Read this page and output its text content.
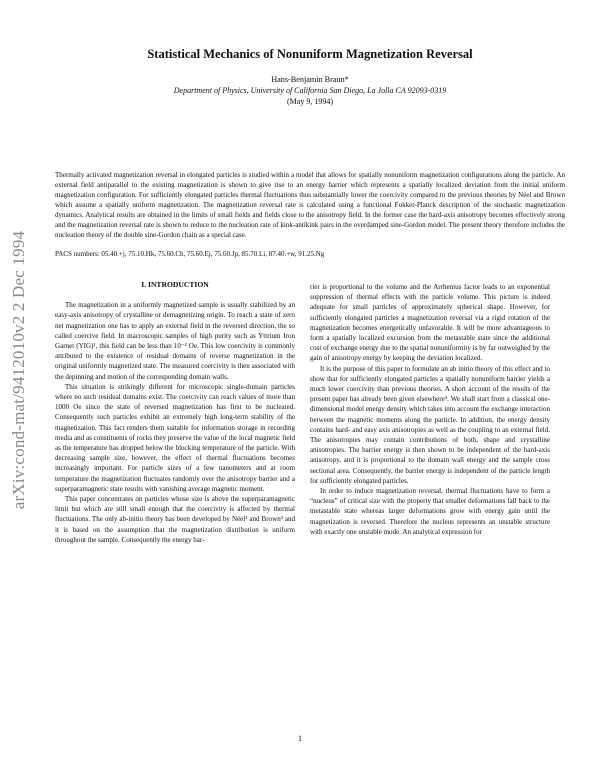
arXiv:cond-mat/9412010v2 2 Dec 1994
Statistical Mechanics of Nonuniform Magnetization Reversal
Hans-Benjamin Braun*
Department of Physics, University of California San Diego, La Jolla CA 92093-0319
(May 9, 1994)

Thermally activated magnetization reversal in elongated particles is studied within a model that allows for spatially nonuniform magnetization configurations along the particle. An external field antiparallel to the existing magnetization is shown to give rise to an energy barrier which represents a spatially localized deviation from the initial uniform magnetization configuration. For sufficiently elongated particles thermal fluctuations thus substantially lower the coercivity compared to the previous theories by Néel and Brown which assume a spatially uniform magnetization. The magnetization reversal rate is calculated using a functional Fokker-Planck description of the stochastic magnetization dynamics. Analytical results are obtained in the limits of small fields and fields close to the anisotropy field. In the former case the hard-axis anisotropy becomes effectively strong and the magnetization reversal rate is shown to reduce to the nucleation rate of kink-antikink pairs in the overdamped sine-Gordon model. The present theory therefore includes the nucleation theory of the double sine-Gordon chain as a special case.

PACS numbers: 05.40.+j, 75.10.Hk, 75.60.Ch, 75.60.Ej, 75.60.Jp, 85.70.Li, 87.40.+w, 91.25.Ng
I. INTRODUCTION

The magnetization in a uniformly magnetized sample is usually stabilized by an easy-axis anisotropy of crystalline or demagnetizing origin. To reach a state of zero net magnetization one has to apply an external field in the reversed direction, the so called coercive field. In macroscopic samples of high purity such as Yttrium Iron Garnet (YIG)¹, this field can be less than 10⁻² Oe. This low coercivity is commonly attributed to the existence of residual domains of reverse magnetization in the original uniformly magnetized state. The measured coercivity is then associated with the depinning and motion of the corresponding domain walls.

This situation is strikingly different for microscopic single-domain particles where no such residual domains exist. The coercivity can reach values of more than 1000 Oe since the state of reversed magnetization has first to be nucleated. Consequently such particles exhibit an extremely high long-term stability of the magnetization. This fact renders them suitable for information storage in recording media and as constituents of rocks they preserve the value of the local magnetic field as the temperature has dropped below the blocking temperature of the particle. With decreasing sample size, however, the effect of thermal fluctuations becomes increasingly important. For particle sizes of a few nanometers and at room temperature the magnetization fluctuates randomly over the anisotropy barrier and a superparamagnetic state results with vanishing average magnetic moment.

This paper concentrates on particles whose size is above the superparamagnetic limit but which are still small enough that the coercivity is affected by thermal fluctuations. The only ab-initio theory has been developed by Néel² and Brown³ and it is based on the assumption that the magnetization distribution is uniform throughout the sample. Consequently the energy bar-

rier is proportional to the volume and the Arrhenius factor leads to an exponential suppression of thermal effects with the particle volume. This picture is indeed adequate for small particles of approximately spherical shape. However, for sufficiently elongated particles a magnetization reversal via a rigid rotation of the magnetization becomes energetically unfavorable. It will be more advantageous to form a spatially localized excursion from the metastable state since the additional cost of exchange energy due to the spatial nonuniformity is by far outweighed by the gain of anisotropy energy by keeping the deviation localized.

It is the purpose of this paper to formulate an ab initio theory of this effect and to show that for sufficiently elongated particles a spatially nonuniform barrier yields a much lower coercivity than previous theories. A short account of the results of the present paper has already been given elsewhere⁴. We shall start from a classical one-dimensional model energy density which takes into account the exchange interaction between the magnetic moments along the particle. In addition, the energy density contains hard- and easy axis anisotropies as well as the coupling to an external field. The anisotropies may contain contributions of both, shape and crystalline anisotropies. The barrier energy is then shown to be independent of the hard-axis anisotropy, and it is proportional to the domain wall energy and the sample cross sectional area. Consequently, the barrier energy is independent of the particle length for sufficiently elongated particles.

In order to induce magnetization reversal, thermal fluctuations have to form a “nucleus” of critical size with the property that smaller deformations fall back to the metastable state whereas larger deformations grow with energy gain until the magnetization is reversed. Therefore the nucleus represents an unstable structure with exactly one unstable mode. An analytical expression for

1
